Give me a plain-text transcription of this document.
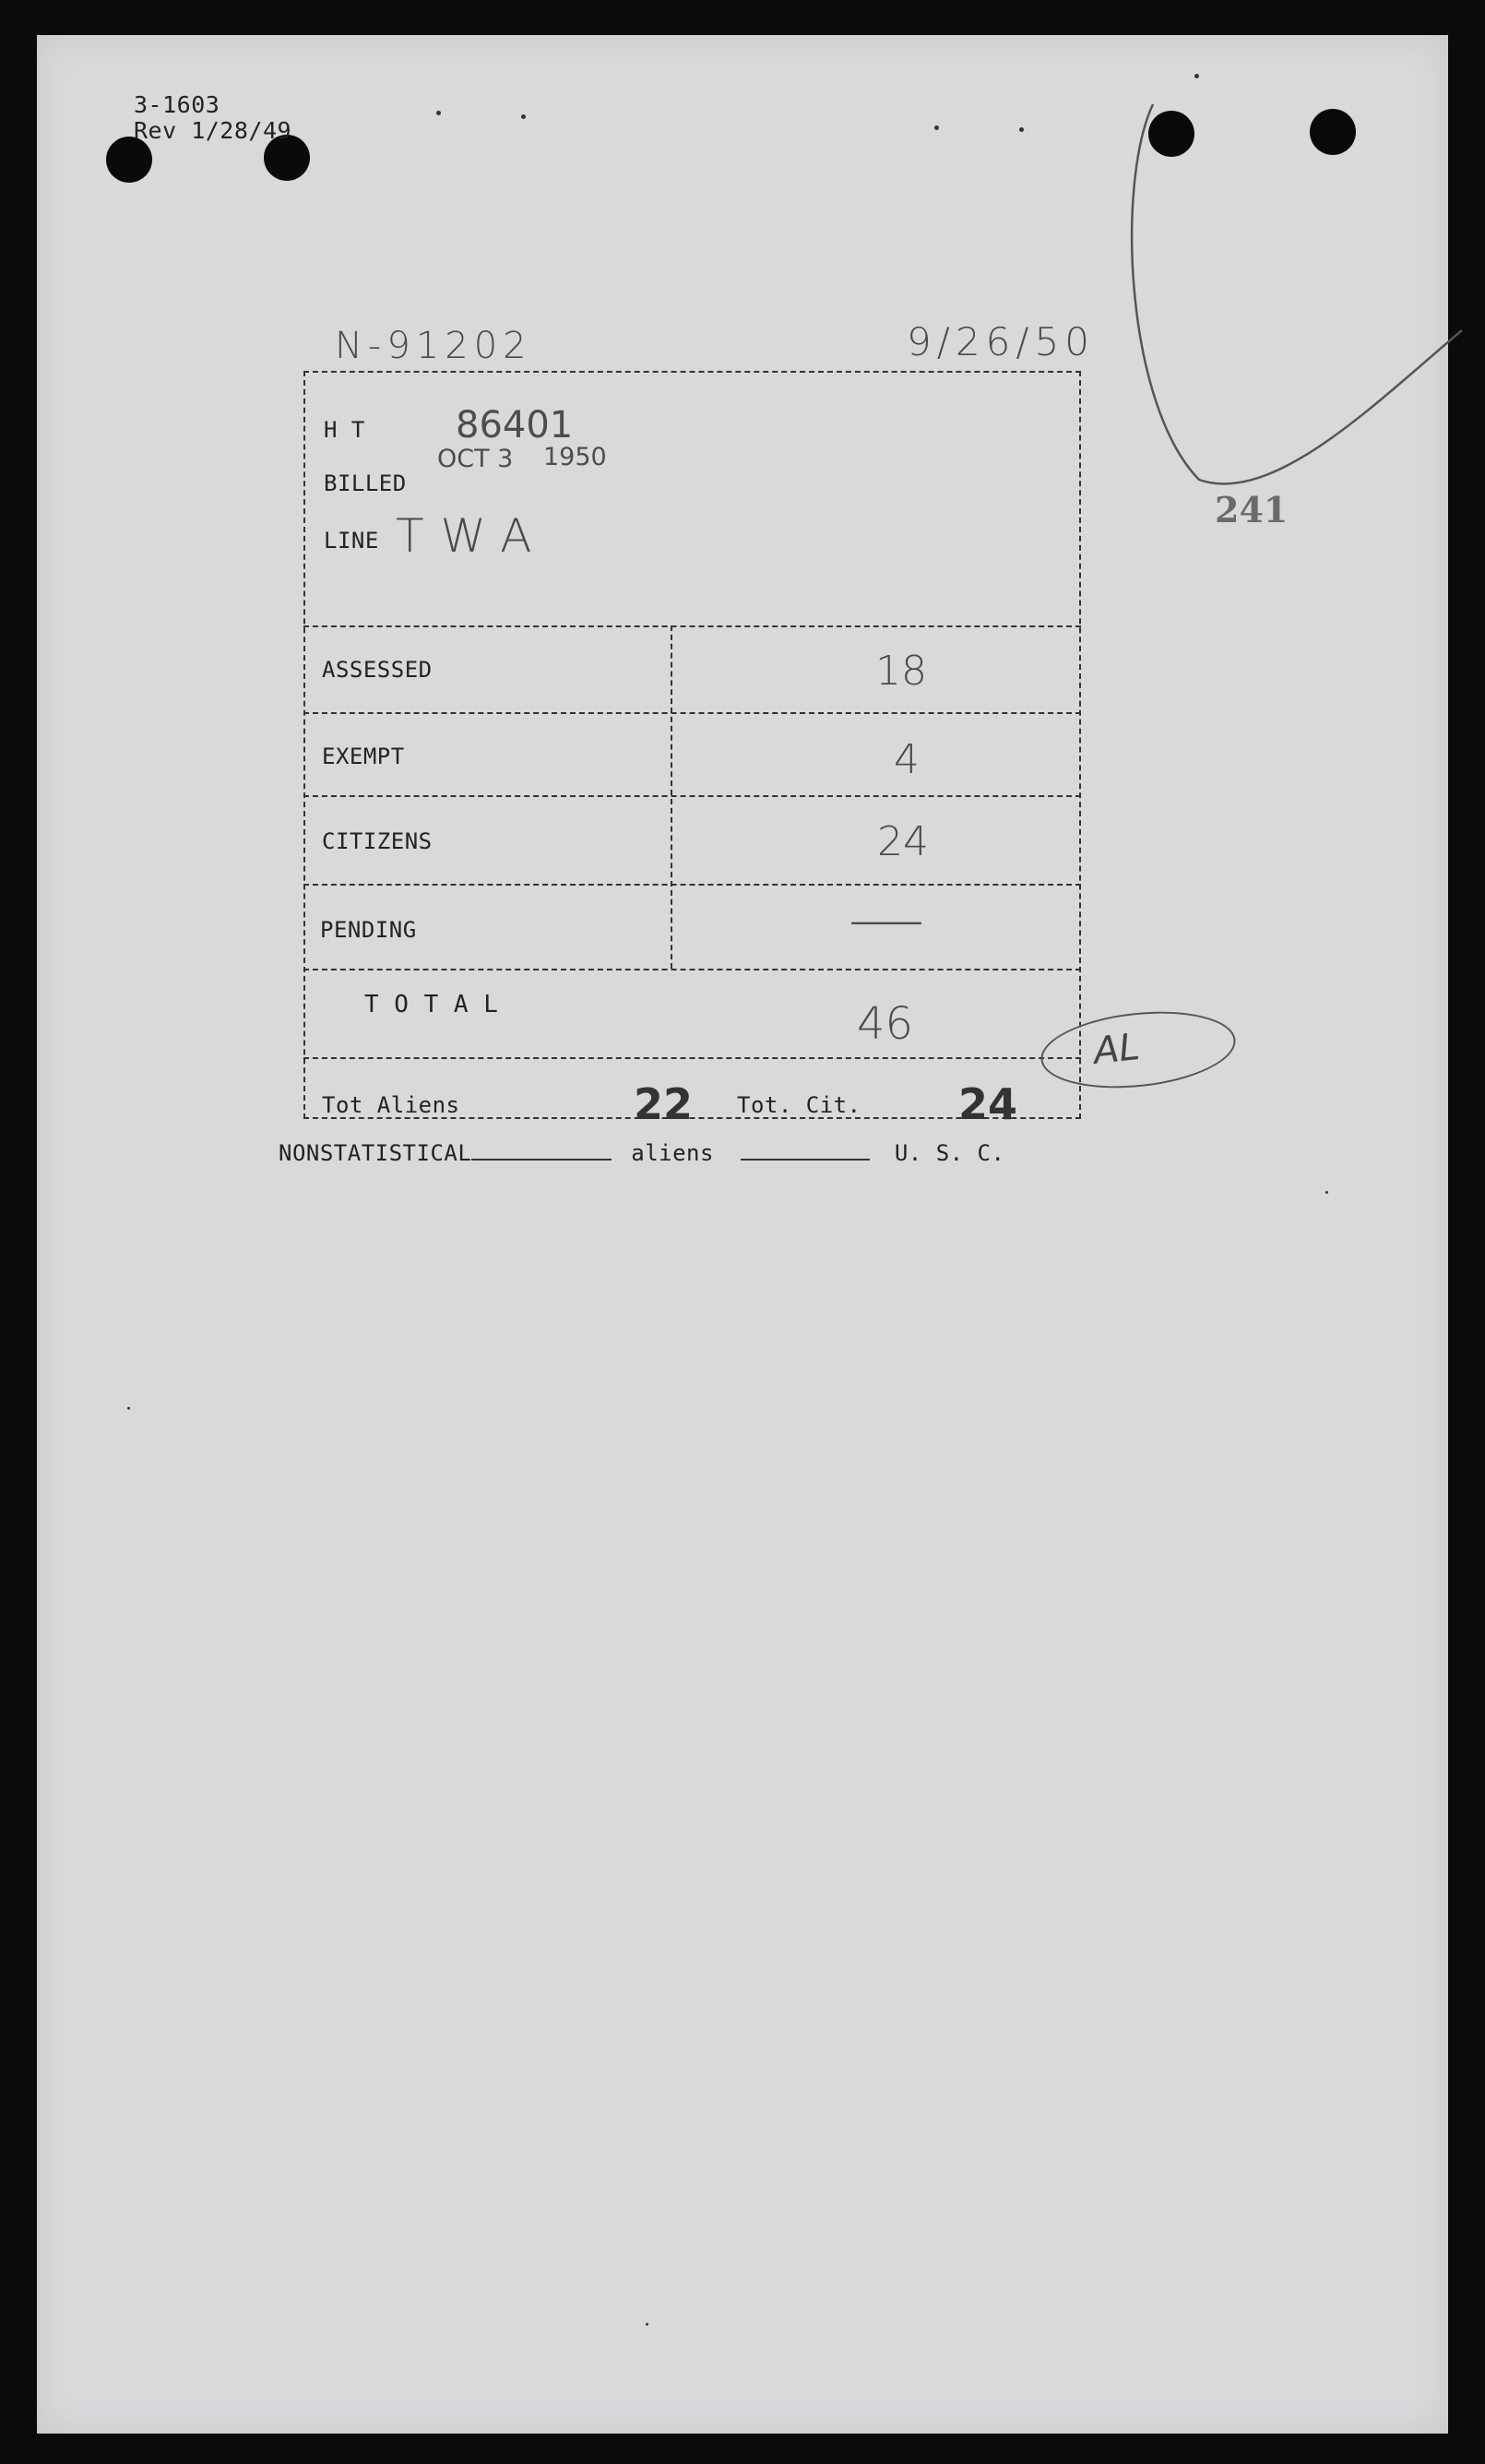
3-1603
Rev 1/28/49
241
N-91202	9/26/50
H T 86401
OCT 3 1950
BILLED
LINE TWA
ASSESSED	18
EXEMPT	4
CITIZENS	24
PENDING	—
T O T A L	46
Tot Aliens	22 Tot. Cit. 24
AL
NONSTATISTICAL	aliens	U. S. C.
